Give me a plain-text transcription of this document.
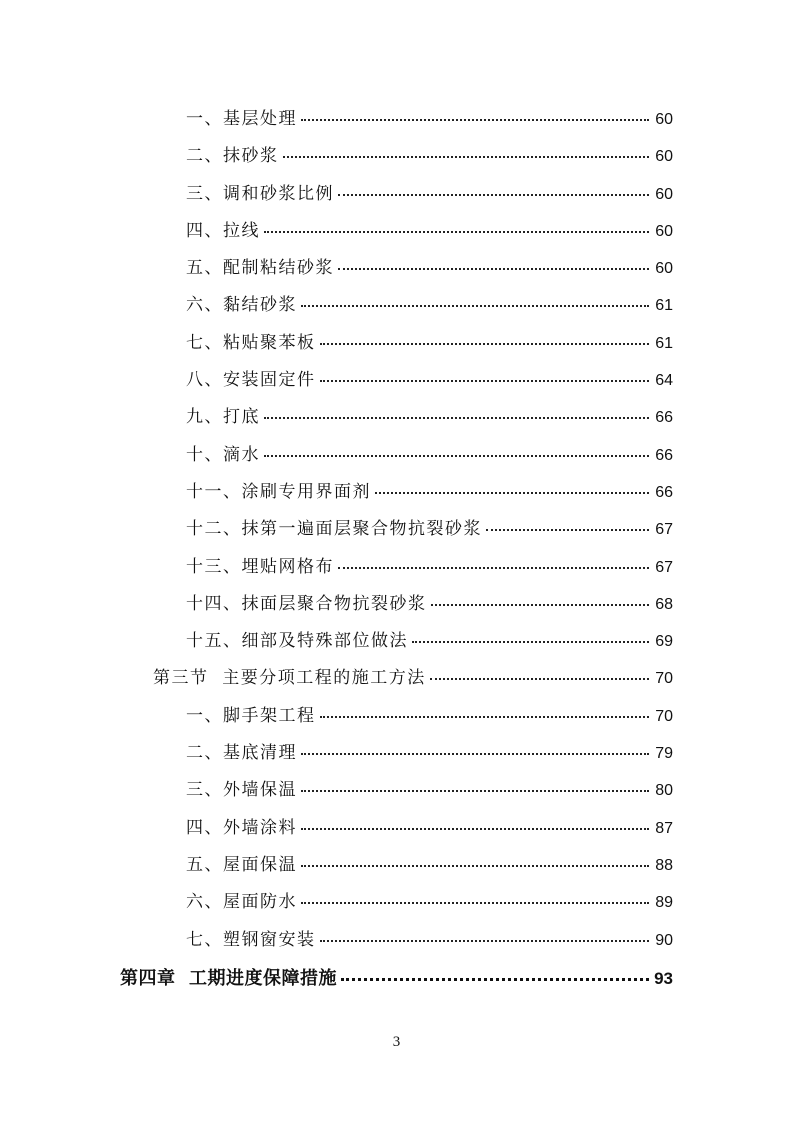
一、基层处理	60
二、抹砂浆	60
三、调和砂浆比例	60
四、拉线	60
五、配制粘结砂浆	60
六、黏结砂浆	61
七、粘贴聚苯板	61
八、安装固定件	64
九、打底	66
十、滴水	66
十一、涂刷专用界面剂	66
十二、抹第一遍面层聚合物抗裂砂浆	67
十三、埋贴网格布	67
十四、抹面层聚合物抗裂砂浆	68
十五、细部及特殊部位做法	69
第三节  主要分项工程的施工方法	70
一、脚手架工程	70
二、基底清理	79
三、外墙保温	80
四、外墙涂料	87
五、屋面保温	88
六、屋面防水	89
七、塑钢窗安装	90
第四章  工期进度保障措施	93
3
